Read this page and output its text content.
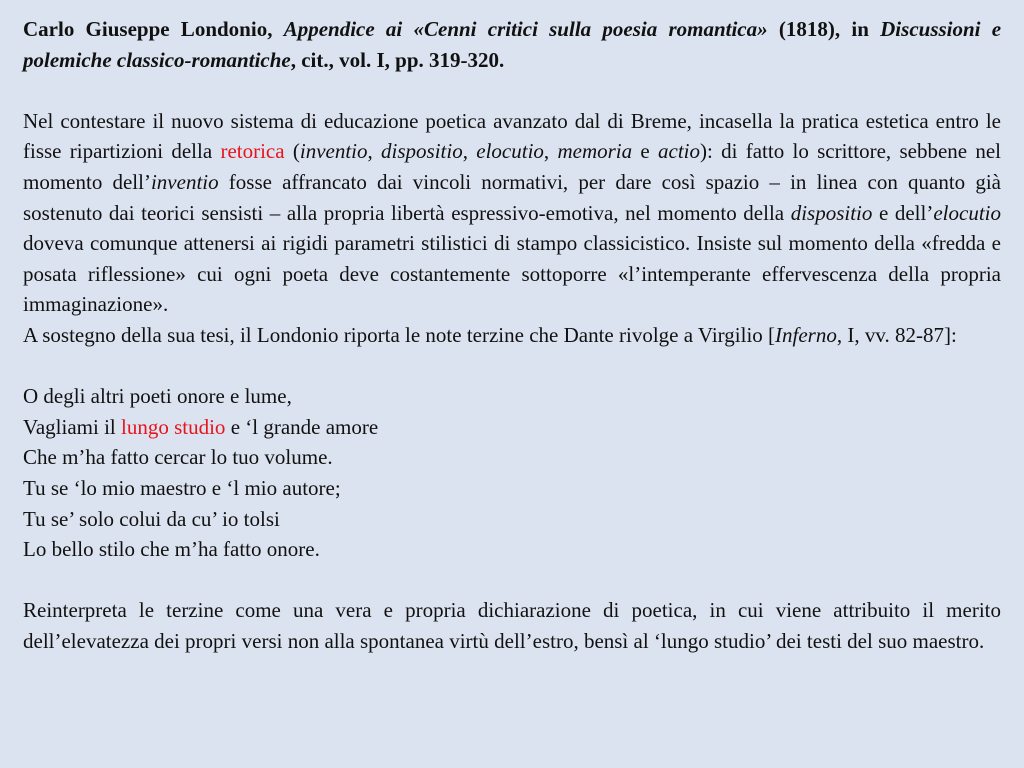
Carlo Giuseppe Londonio, Appendice ai «Cenni critici sulla poesia romantica» (1818), in Discussioni e polemiche classico-romantiche, cit., vol. I, pp. 319-320.

Nel contestare il nuovo sistema di educazione poetica avanzato dal di Breme, incasella la pratica estetica entro le fisse ripartizioni della retorica (inventio, dispositio, elocutio, memoria e actio): di fatto lo scrittore, sebbene nel momento dell’inventio fosse affrancato dai vincoli normativi, per dare così spazio – in linea con quanto già sostenuto dai teorici sensisti – alla propria libertà espressivo-emotiva, nel momento della dispositio e dell’elocutio doveva comunque attenersi ai rigidi parametri stilistici di stampo classicistico. Insiste sul momento della «fredda e posata riflessione» cui ogni poeta deve costantemente sottoporre «l’intemperante effervescenza della propria immaginazione».

A sostegno della sua tesi, il Londonio riporta le note terzine che Dante rivolge a Virgilio [Inferno, I, vv. 82-87]:

O degli altri poeti onore e lume,

Vagliami il lungo studio e ‘l grande amore

Che m’ha fatto cercar lo tuo volume.

Tu se ‘lo mio maestro e ‘l mio autore;

Tu se’ solo colui da cu’ io tolsi

Lo bello stilo che m’ha fatto onore.

Reinterpreta le terzine come una vera e propria dichiarazione di poetica, in cui viene attribuito il merito dell’elevatezza dei propri versi non alla spontanea virtù dell’estro, bensì al ‘lungo studio’ dei testi del suo maestro.
